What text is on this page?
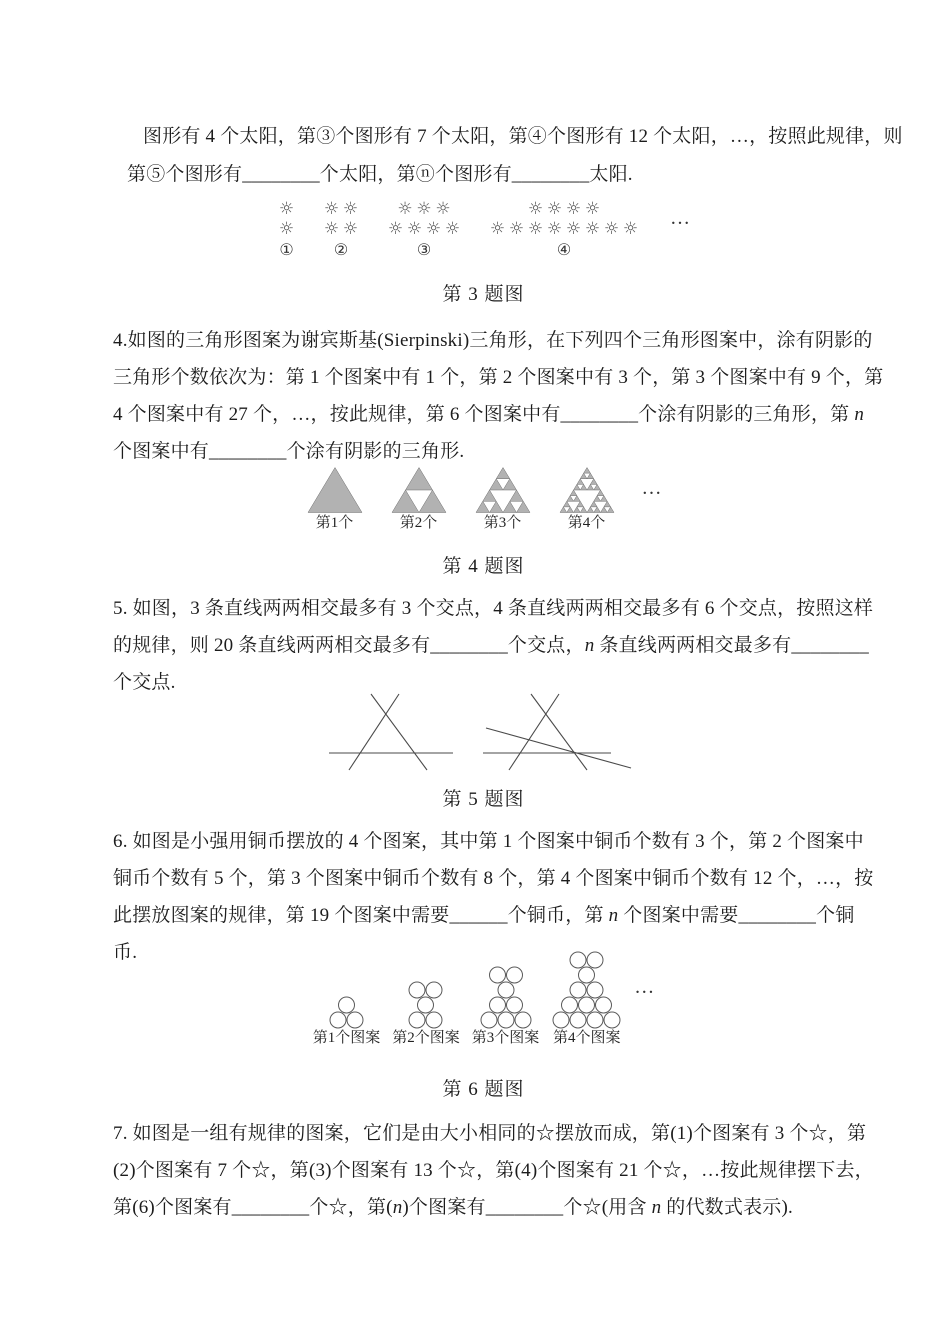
图形有 4 个太阳，第③个图形有 7 个太阳，第④个图形有 12 个太阳，…，按照此规律，则
第⑤个图形有________个太阳，第ⓝ个图形有________太阳.
☼
☼
①
☼ ☼
☼ ☼
②
☼ ☼ ☼
☼ ☼ ☼ ☼
③
☼ ☼ ☼ ☼
☼ ☼ ☼ ☼ ☼ ☼ ☼ ☼
④
…
第 3 题图
4.如图的三角形图案为谢宾斯基(Sierpinski)三角形，在下列四个三角形图案中，涂有阴影的
三角形个数依次为：第 1 个图案中有 1 个，第 2 个图案中有 3 个，第 3 个图案中有 9 个，第
4 个图案中有 27 个，…，按此规律，第 6 个图案中有________个涂有阴影的三角形，第 n
个图案中有________个涂有阴影的三角形.
第1个	第2个	第3个	第4个
…
第 4 题图
5. 如图，3 条直线两两相交最多有 3 个交点，4 条直线两两相交最多有 6 个交点，按照这样
的规律，则 20 条直线两两相交最多有________个交点，n 条直线两两相交最多有________
个交点.
第 5 题图
6. 如图是小强用铜币摆放的 4 个图案，其中第 1 个图案中铜币个数有 3 个，第 2 个图案中
铜币个数有 5 个，第 3 个图案中铜币个数有 8 个，第 4 个图案中铜币个数有 12 个，…，按
此摆放图案的规律，第 19 个图案中需要______个铜币，第 n 个图案中需要________个铜
币.
第1个图案 第2个图案 第3个图案 第4个图案
…
第 6 题图
7. 如图是一组有规律的图案，它们是由大小相同的☆摆放而成，第(1)个图案有 3 个☆，第
(2)个图案有 7 个☆，第(3)个图案有 13 个☆，第(4)个图案有 21 个☆，…按此规律摆下去，
第(6)个图案有________个☆，第(n)个图案有________个☆(用含 n 的代数式表示).
